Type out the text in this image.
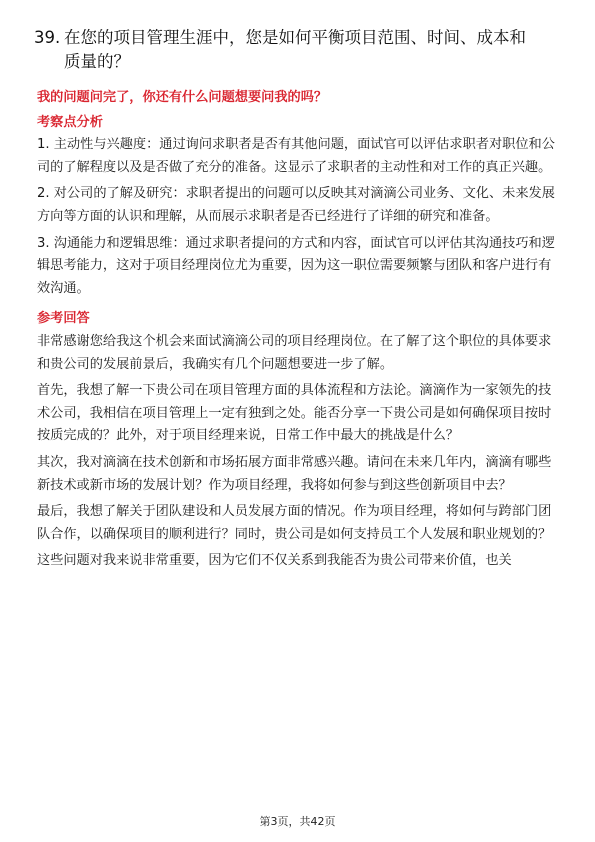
39. 在您的项目管理生涯中，您是如何平衡项目范围、时间、成本和
质量的？

我的问题问完了，你还有什么问题想要问我的吗？

考察点分析

1. 主动性与兴趣度：通过询问求职者是否有其他问题，面试官可以评估求职者对职位和公司的了解程度以及是否做了充分的准备。这显示了求职者的主动性和对工作的真正兴趣。

2. 对公司的了解及研究：求职者提出的问题可以反映其对滴滴公司业务、文化、未来发展方向等方面的认识和理解，从而展示求职者是否已经进行了详细的研究和准备。

3. 沟通能力和逻辑思维：通过求职者提问的方式和内容，面试官可以评估其沟通技巧和逻辑思考能力，这对于项目经理岗位尤为重要，因为这一职位需要频繁与团队和客户进行有效沟通。

参考回答

非常感谢您给我这个机会来面试滴滴公司的项目经理岗位。在了解了这个职位的具体要求和贵公司的发展前景后，我确实有几个问题想要进一步了解。

首先，我想了解一下贵公司在项目管理方面的具体流程和方法论。滴滴作为一家领先的技术公司，我相信在项目管理上一定有独到之处。能否分享一下贵公司是如何确保项目按时按质完成的？此外，对于项目经理来说，日常工作中最大的挑战是什么？

其次，我对滴滴在技术创新和市场拓展方面非常感兴趣。请问在未来几年内，滴滴有哪些新技术或新市场的发展计划？作为项目经理，我将如何参与到这些创新项目中去？

最后，我想了解关于团队建设和人员发展方面的情况。作为项目经理，将如何与跨部门团队合作，以确保项目的顺利进行？同时，贵公司是如何支持员工个人发展和职业规划的？

这些问题对我来说非常重要，因为它们不仅关系到我能否为贵公司带来价值，也关

第3页，共42页
